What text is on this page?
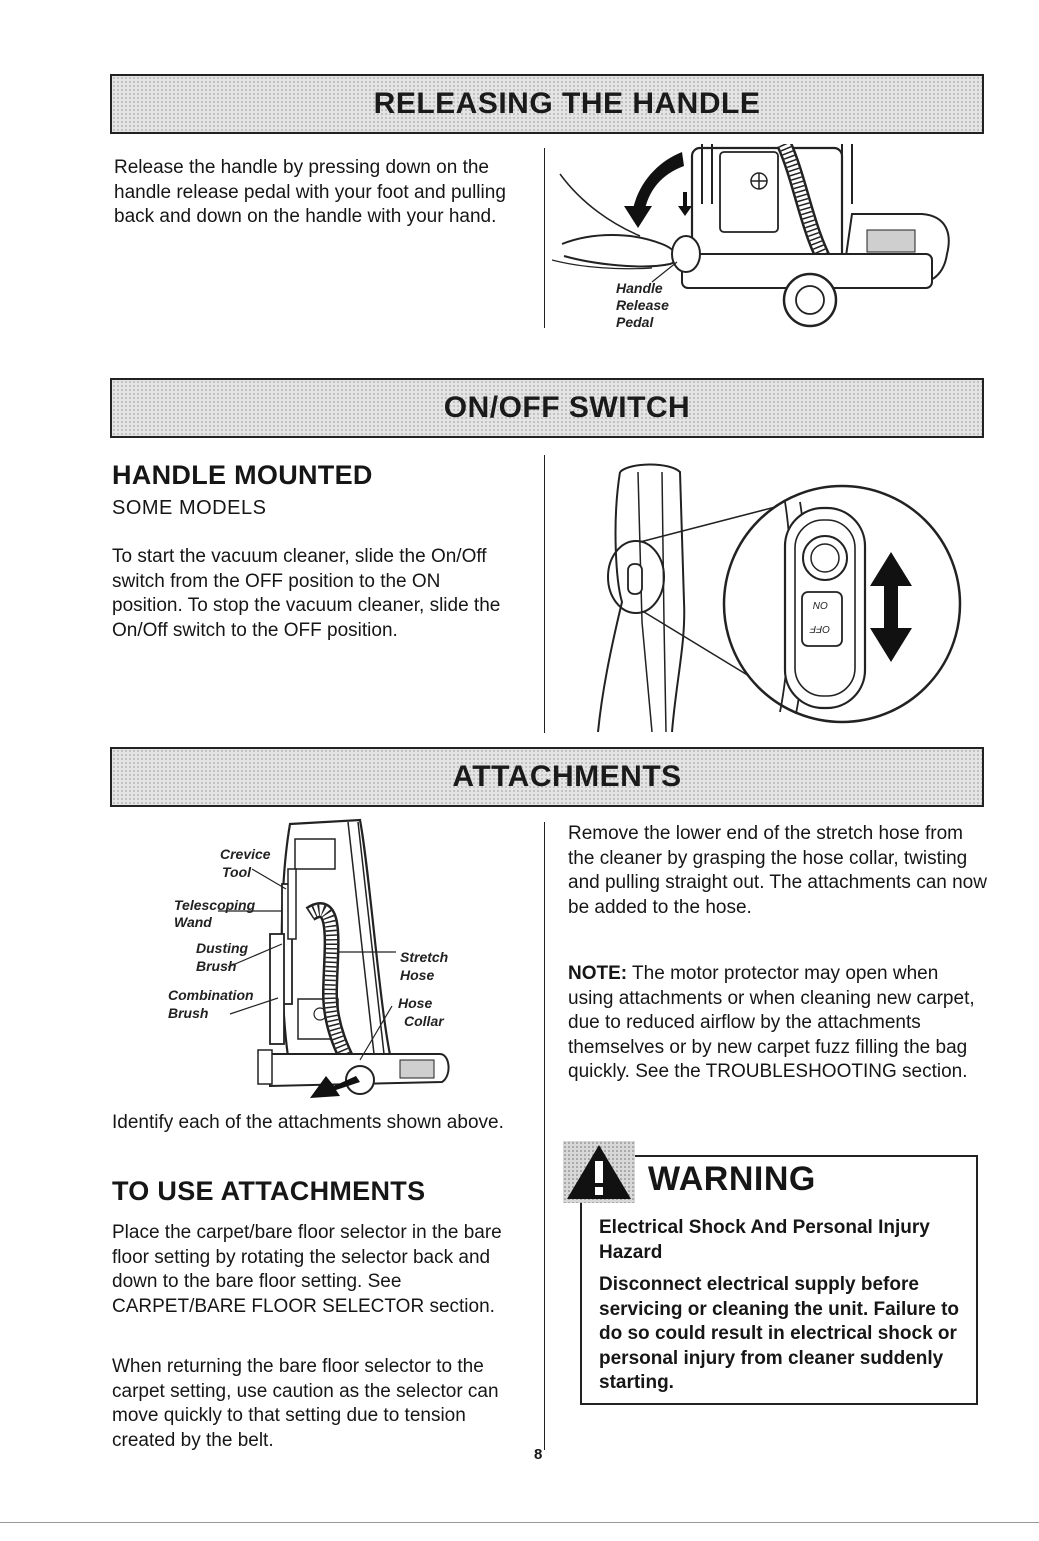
RELEASING THE HANDLE

Release the handle by pressing down on the handle release pedal with your foot and pulling back and down on the handle with your hand.

Handle
Release
Pedal
ON/OFF SWITCH

HANDLE MOUNTED

SOME MODELS

To start the vacuum cleaner, slide the On/Off switch from the OFF position to the ON position. To stop the vacuum cleaner, slide the On/Off switch to the OFF position.

ON
OFF
ATTACHMENTS
Crevice
Tool
Telescoping
Wand
Dusting
Brush
Combination
Brush
Stretch
Hose
Hose
Collar

Identify each of the attachments shown above.

TO USE ATTACHMENTS

Place the carpet/bare floor selector in the bare floor setting by rotating the selector back and down to the bare floor setting. See CARPET/BARE FLOOR SELECTOR section.

When returning the bare floor selector to the carpet setting, use caution as the selector can move quickly to that setting due to tension created by the belt.

Remove the lower end of the stretch hose from the cleaner by grasping the hose collar, twisting and pulling straight out. The attachments can now be added to the hose.

NOTE: The motor protector may open when using attachments or when cleaning new carpet, due to reduced airflow by the attachments themselves or by new carpet fuzz filling the bag quickly. See the TROUBLESHOOTING section.

WARNING

Electrical Shock And Personal Injury Hazard

Disconnect electrical supply before servicing or cleaning the unit. Failure to do so could result in electrical shock or personal injury from cleaner suddenly starting.

8
